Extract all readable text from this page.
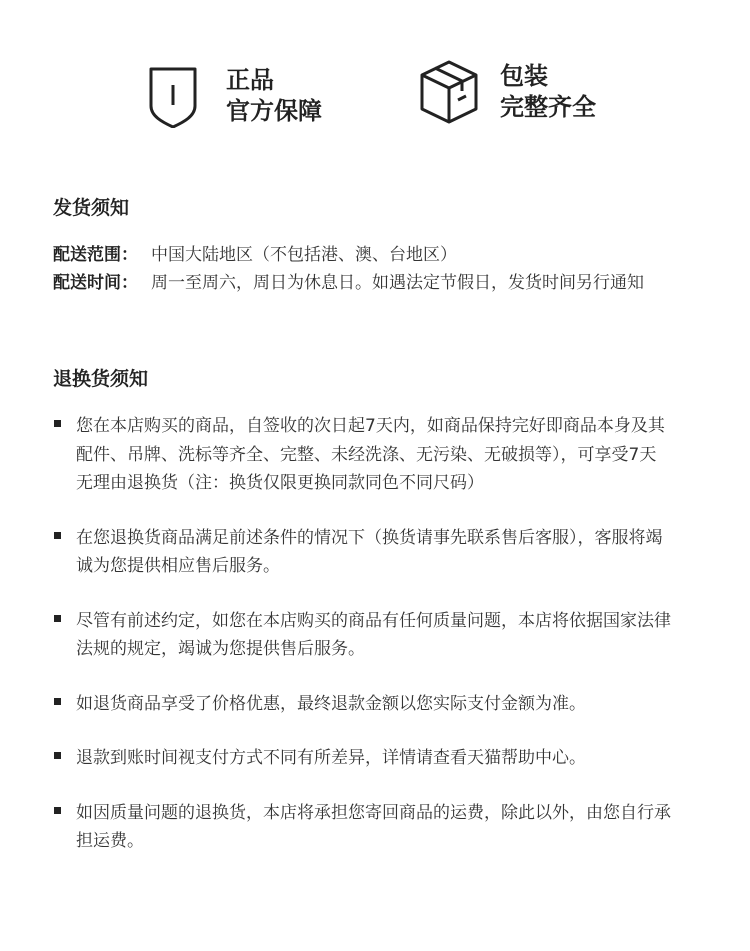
正品
官方保障
包装
完整齐全
发货须知
配送范围： 中国大陆地区（不包括港、澳、台地区）
配送时间： 周一至周六，周日为休息日。如遇法定节假日，发货时间另行通知
退换货须知
您在本店购买的商品，自签收的次日起7天内，如商品保持完好即商品本身及其配件、吊牌、洗标等齐全、完整、未经洗涤、无污染、无破损等），可享受7天无理由退换货（注：换货仅限更换同款同色不同尺码）
在您退换货商品满足前述条件的情况下（换货请事先联系售后客服），客服将竭诚为您提供相应售后服务。
尽管有前述约定，如您在本店购买的商品有任何质量问题，本店将依据国家法律法规的规定，竭诚为您提供售后服务。
如退货商品享受了价格优惠，最终退款金额以您实际支付金额为准。
退款到账时间视支付方式不同有所差异，详情请查看天猫帮助中心。
如因质量问题的退换货，本店将承担您寄回商品的运费，除此以外，由您自行承担运费。
